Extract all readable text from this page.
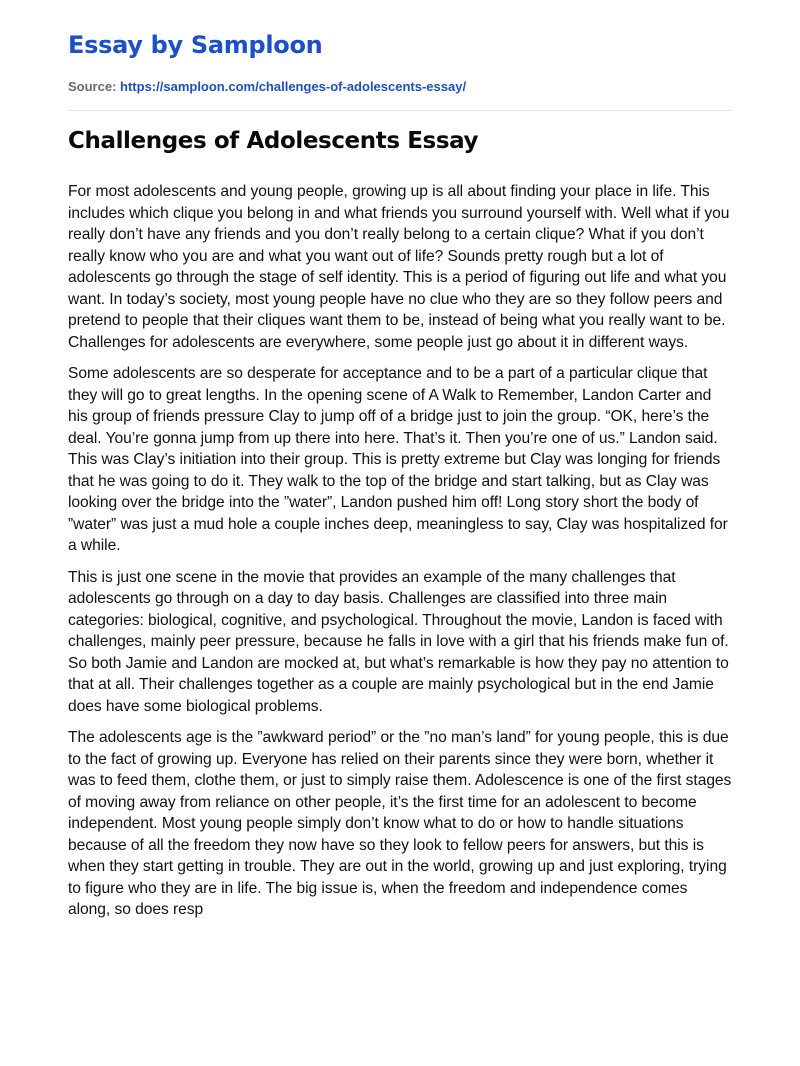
Essay by Samploon
Source: https://samploon.com/challenges-of-adolescents-essay/
Challenges of Adolescents Essay

For most adolescents and young people, growing up is all about finding your place in life. This includes which clique you belong in and what friends you surround yourself with. Well what if you really don’t have any friends and you don’t really belong to a certain clique? What if you don’t really know who you are and what you want out of life? Sounds pretty rough but a lot of adolescents go through the stage of self identity. This is a period of figuring out life and what you want. In today’s society, most young people have no clue who they are so they follow peers and pretend to people that their cliques want them to be, instead of being what you really want to be. Challenges for adolescents are everywhere, some people just go about it in different ways.

Some adolescents are so desperate for acceptance and to be a part of a particular clique that they will go to great lengths. In the opening scene of A Walk to Remember, Landon Carter and his group of friends pressure Clay to jump off of a bridge just to join the group. “OK, here’s the deal. You’re gonna jump from up there into here. That’s it. Then you’re one of us.” Landon said. This was Clay’s initiation into their group. This is pretty extreme but Clay was longing for friends that he was going to do it. They walk to the top of the bridge and start talking, but as Clay was looking over the bridge into the ”water”, Landon pushed him off! Long story short the body of ”water” was just a mud hole a couple inches deep, meaningless to say, Clay was hospitalized for a while.

This is just one scene in the movie that provides an example of the many challenges that adolescents go through on a day to day basis. Challenges are classified into three main categories: biological, cognitive, and psychological. Throughout the movie, Landon is faced with challenges, mainly peer pressure, because he falls in love with a girl that his friends make fun of. So both Jamie and Landon are mocked at, but what’s remarkable is how they pay no attention to that at all. Their challenges together as a couple are mainly psychological but in the end Jamie does have some biological problems.

The adolescents age is the ”awkward period” or the ”no man’s land” for young people, this is due to the fact of growing up. Everyone has relied on their parents since they were born, whether it was to feed them, clothe them, or just to simply raise them. Adolescence is one of the first stages of moving away from reliance on other people, it’s the first time for an adolescent to become independent. Most young people simply don’t know what to do or how to handle situations because of all the freedom they now have so they look to fellow peers for answers, but this is when they start getting in trouble. They are out in the world, growing up and just exploring, trying to figure who they are in life. The big issue is, when the freedom and independence comes along, so does resp
